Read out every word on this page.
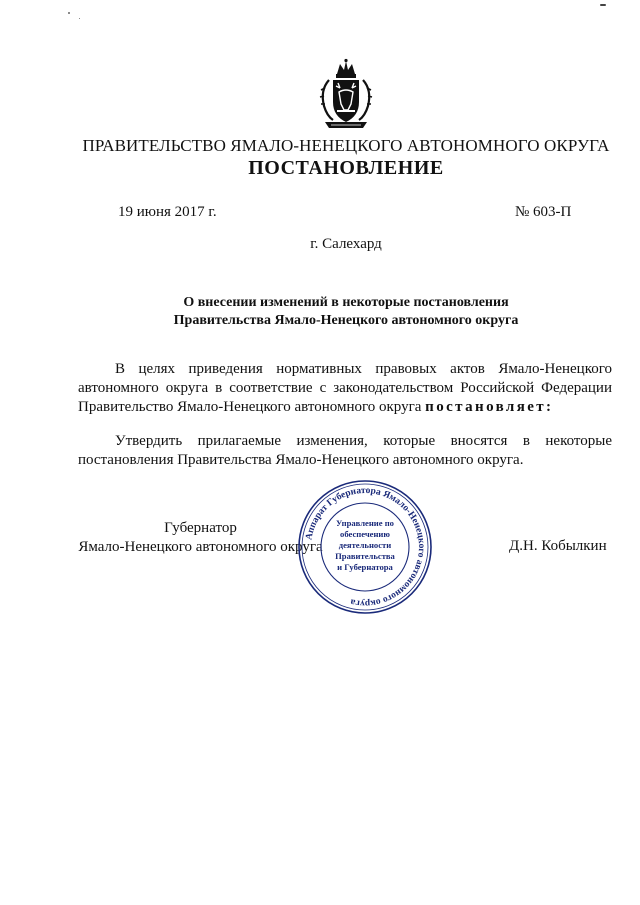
ПРАВИТЕЛЬСТВО ЯМАЛО-НЕНЕЦКОГО АВТОНОМНОГО ОКРУГА
ПОСТАНОВЛЕНИЕ
19 июня 2017 г.	№ 603-П
г. Салехард
О внесении изменений в некоторые постановления
Правительства Ямало-Ненецкого автономного округа
В целях приведения нормативных правовых актов Ямало-Ненецкого автономного округа в соответствие с законодательством Российской Федерации Правительство Ямало-Ненецкого автономного округа постановляет:
Утвердить прилагаемые изменения, которые вносятся в некоторые постановления Правительства Ямало-Ненецкого автономного округа.
Губернатор
Ямало-Ненецкого автономного округа	Д.Н. Кобылкин
Аппарат Губернатора Ямало-Ненецкого автономного округа
Управление по
обеспечению
деятельности
Правительства
и Губернатора
